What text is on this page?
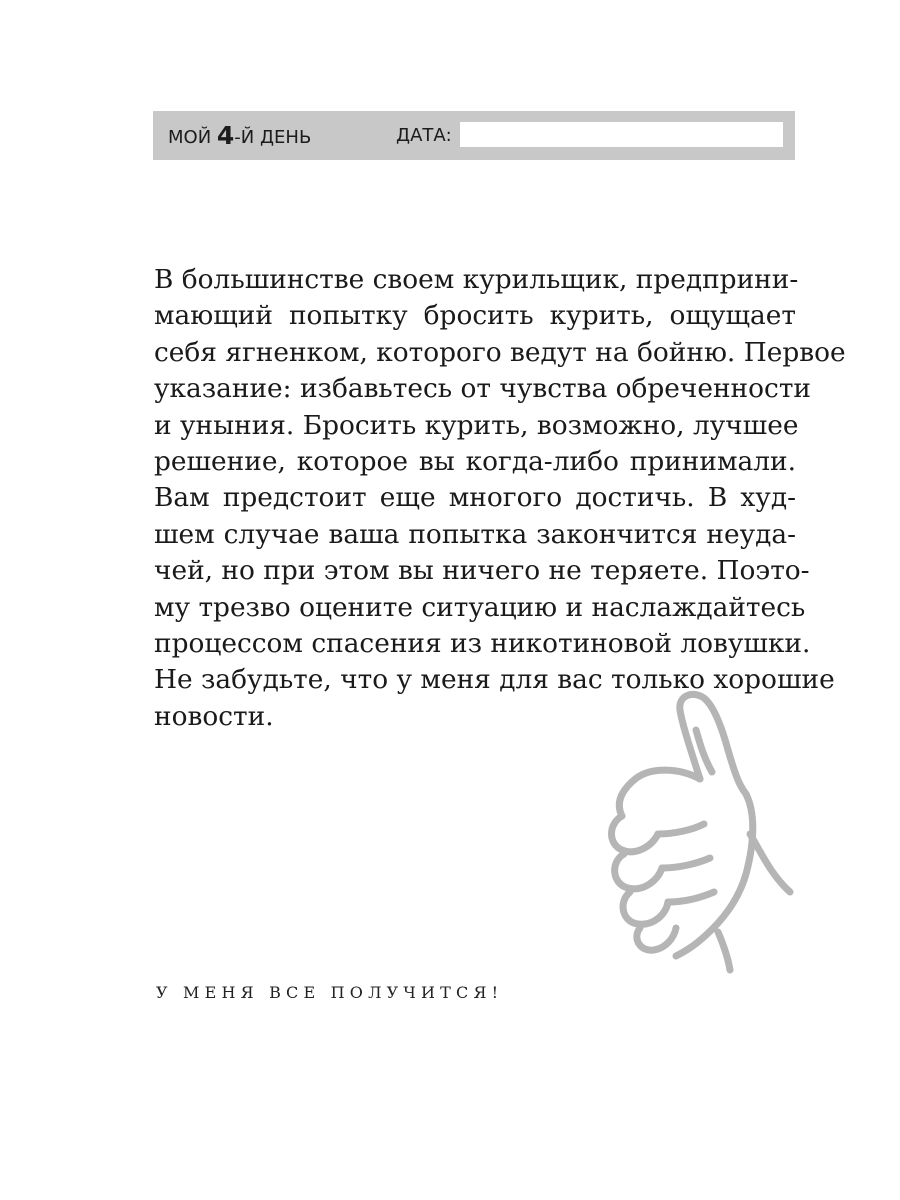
МОЙ 4-Й ДЕНЬ	ДАТА:
В большинстве своем курильщик, предприни-
мающий попытку бросить курить, ощущает
себя ягненком, которого ведут на бойню. Первое
указание: избавьтесь от чувства обреченности
и уныния. Бросить курить, возможно, лучшее
решение, которое вы когда-либо принимали.
Вам предстоит еще многого достичь. В худ-
шем случае ваша попытка закончится неуда-
чей, но при этом вы ничего не теряете. Поэто-
му трезво оцените ситуацию и наслаждайтесь
процессом спасения из никотиновой ловушки.
Не забудьте, что у меня для вас только хорошие
новости.
У МЕНЯ ВСЕ ПОЛУЧИТСЯ!
